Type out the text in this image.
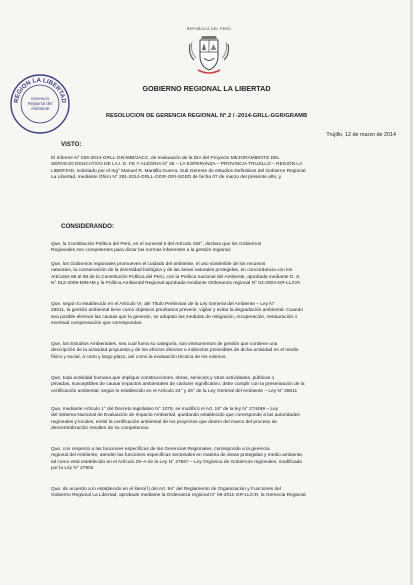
REPÚBLICA DEL PERÚ
REGION LA LIBERTAD
Gerencia Regional del Ambiente
GOBIERNO REGIONAL LA LIBERTAD
RESOLUCION DE GERENCIA REGIONAL N°.2 / -2014-GRLL-GGR/GRAMB
Trujillo, 12 de marzo de 2014
VISTO:
El Informe N° 026-2014-GRLL-GRAMB/JACC, de evaluación de la DIA del Proyecto MEJORAMIENTO DEL
SERVICIO EDUCATIVO DE LA I. E. FE Y ALEGRIA N° 36 – LA ESPERANZA – PROVINCIA TRUJILLO – REGIÓN LA
LIBERTAD, solicitado por el Ing° Manuel R. Mantilla Guerra, Sub Gerente de estudios Definitivos del Gobierno Regional
La Libertad, mediante Oficio N° 281-2014-GRLL-GGR-GRI-SGED de fecha 07 de marzo del presente año, y
CONSIDERANDO:
Que, la Constitución Política del Perú, en el numeral 6 del Artículo 192°, declara que los Gobiernos
Regionales son competentes para dictar las normas inherentes a la gestión regional;
Que, los Gobiernos regionales promueven el cuidado del ambiente, el uso sostenible de los recursos
naturales, la conservación de la diversidad biológica y de las áreas naturales protegidas, en concordancia con los
Artículos 66 al 68 de la Constitución Política del Perú, con la Política nacional del Ambiente, aprobada mediante D. S.
N° 012-2009-MINAM y la Política Ambiental Regional aprobada mediante Ordenanza regional N° 04-2004-GR-LL/CR.
Que, según lo establecido en el Artículo VI, del Título Preliminar de la Ley General del Ambiente – Ley N°
28611, la gestión ambiental tiene como objetivos prioritarios prevenir, vigilar y evitar la degradación ambiental. Cuando
sea posible eliminar las causas que la generan, se adoptan las medidas de mitigación, recuperación, restauración o
eventual compensación que correspondan.
Que, los Estudios Ambientales, sea cual fuera su categoría, son instrumentos de gestión que contiene una
descripción de la actividad propuesta y de los efectos directos e indirectos previsibles de dicha actividad en el medio
físico y social, a corto y largo plazo, así como la evaluación técnica de los mismos.
Que, toda actividad humana que implique construcciones, obras, servicios y otras actividades, públicas o
privadas, susceptibles de causar impactos ambientales de carácter significativo, debe cumplir con la presentación de la
certificación ambiental, según lo establecido en el Artículo 24° y 25° de la Ley General del Ambiente – Ley N° 28611
Que, mediante Artículo 1° del Decreto legislativo N° 1078, se modificó el Art. 18° de la ley N° 274469 – Ley
del Sistema Nacional de Evaluación de Impacto Ambiental, quedando establecido que corresponde a las autoridades
regionales y locales, emitir la certificación ambiental de los proyectos que dentro del marco del proceso de
descentralización resulten de su competencia.
Que, con respecto a las funciones específicas de las Gerencias Regionales, corresponde a la gerencia
regional del Ambiente, atender las funciones específicas sectoriales en materia de áreas protegidas y medio ambiente,
tal como está establecido en el Artículo 29–A de la Ley N° 27867 – Ley Orgánica de Gobiernos regionales, modificada
por la Ley N° 27902
Que, de acuerdo a lo establecido en el literal l) del Art. 94° del Reglamento de Organización y Funciones del
Gobierno Regional La Libertad, aprobado mediante la Ordenanza regional N° 08-2011-GR-LL/CR, la Gerencia Regional
